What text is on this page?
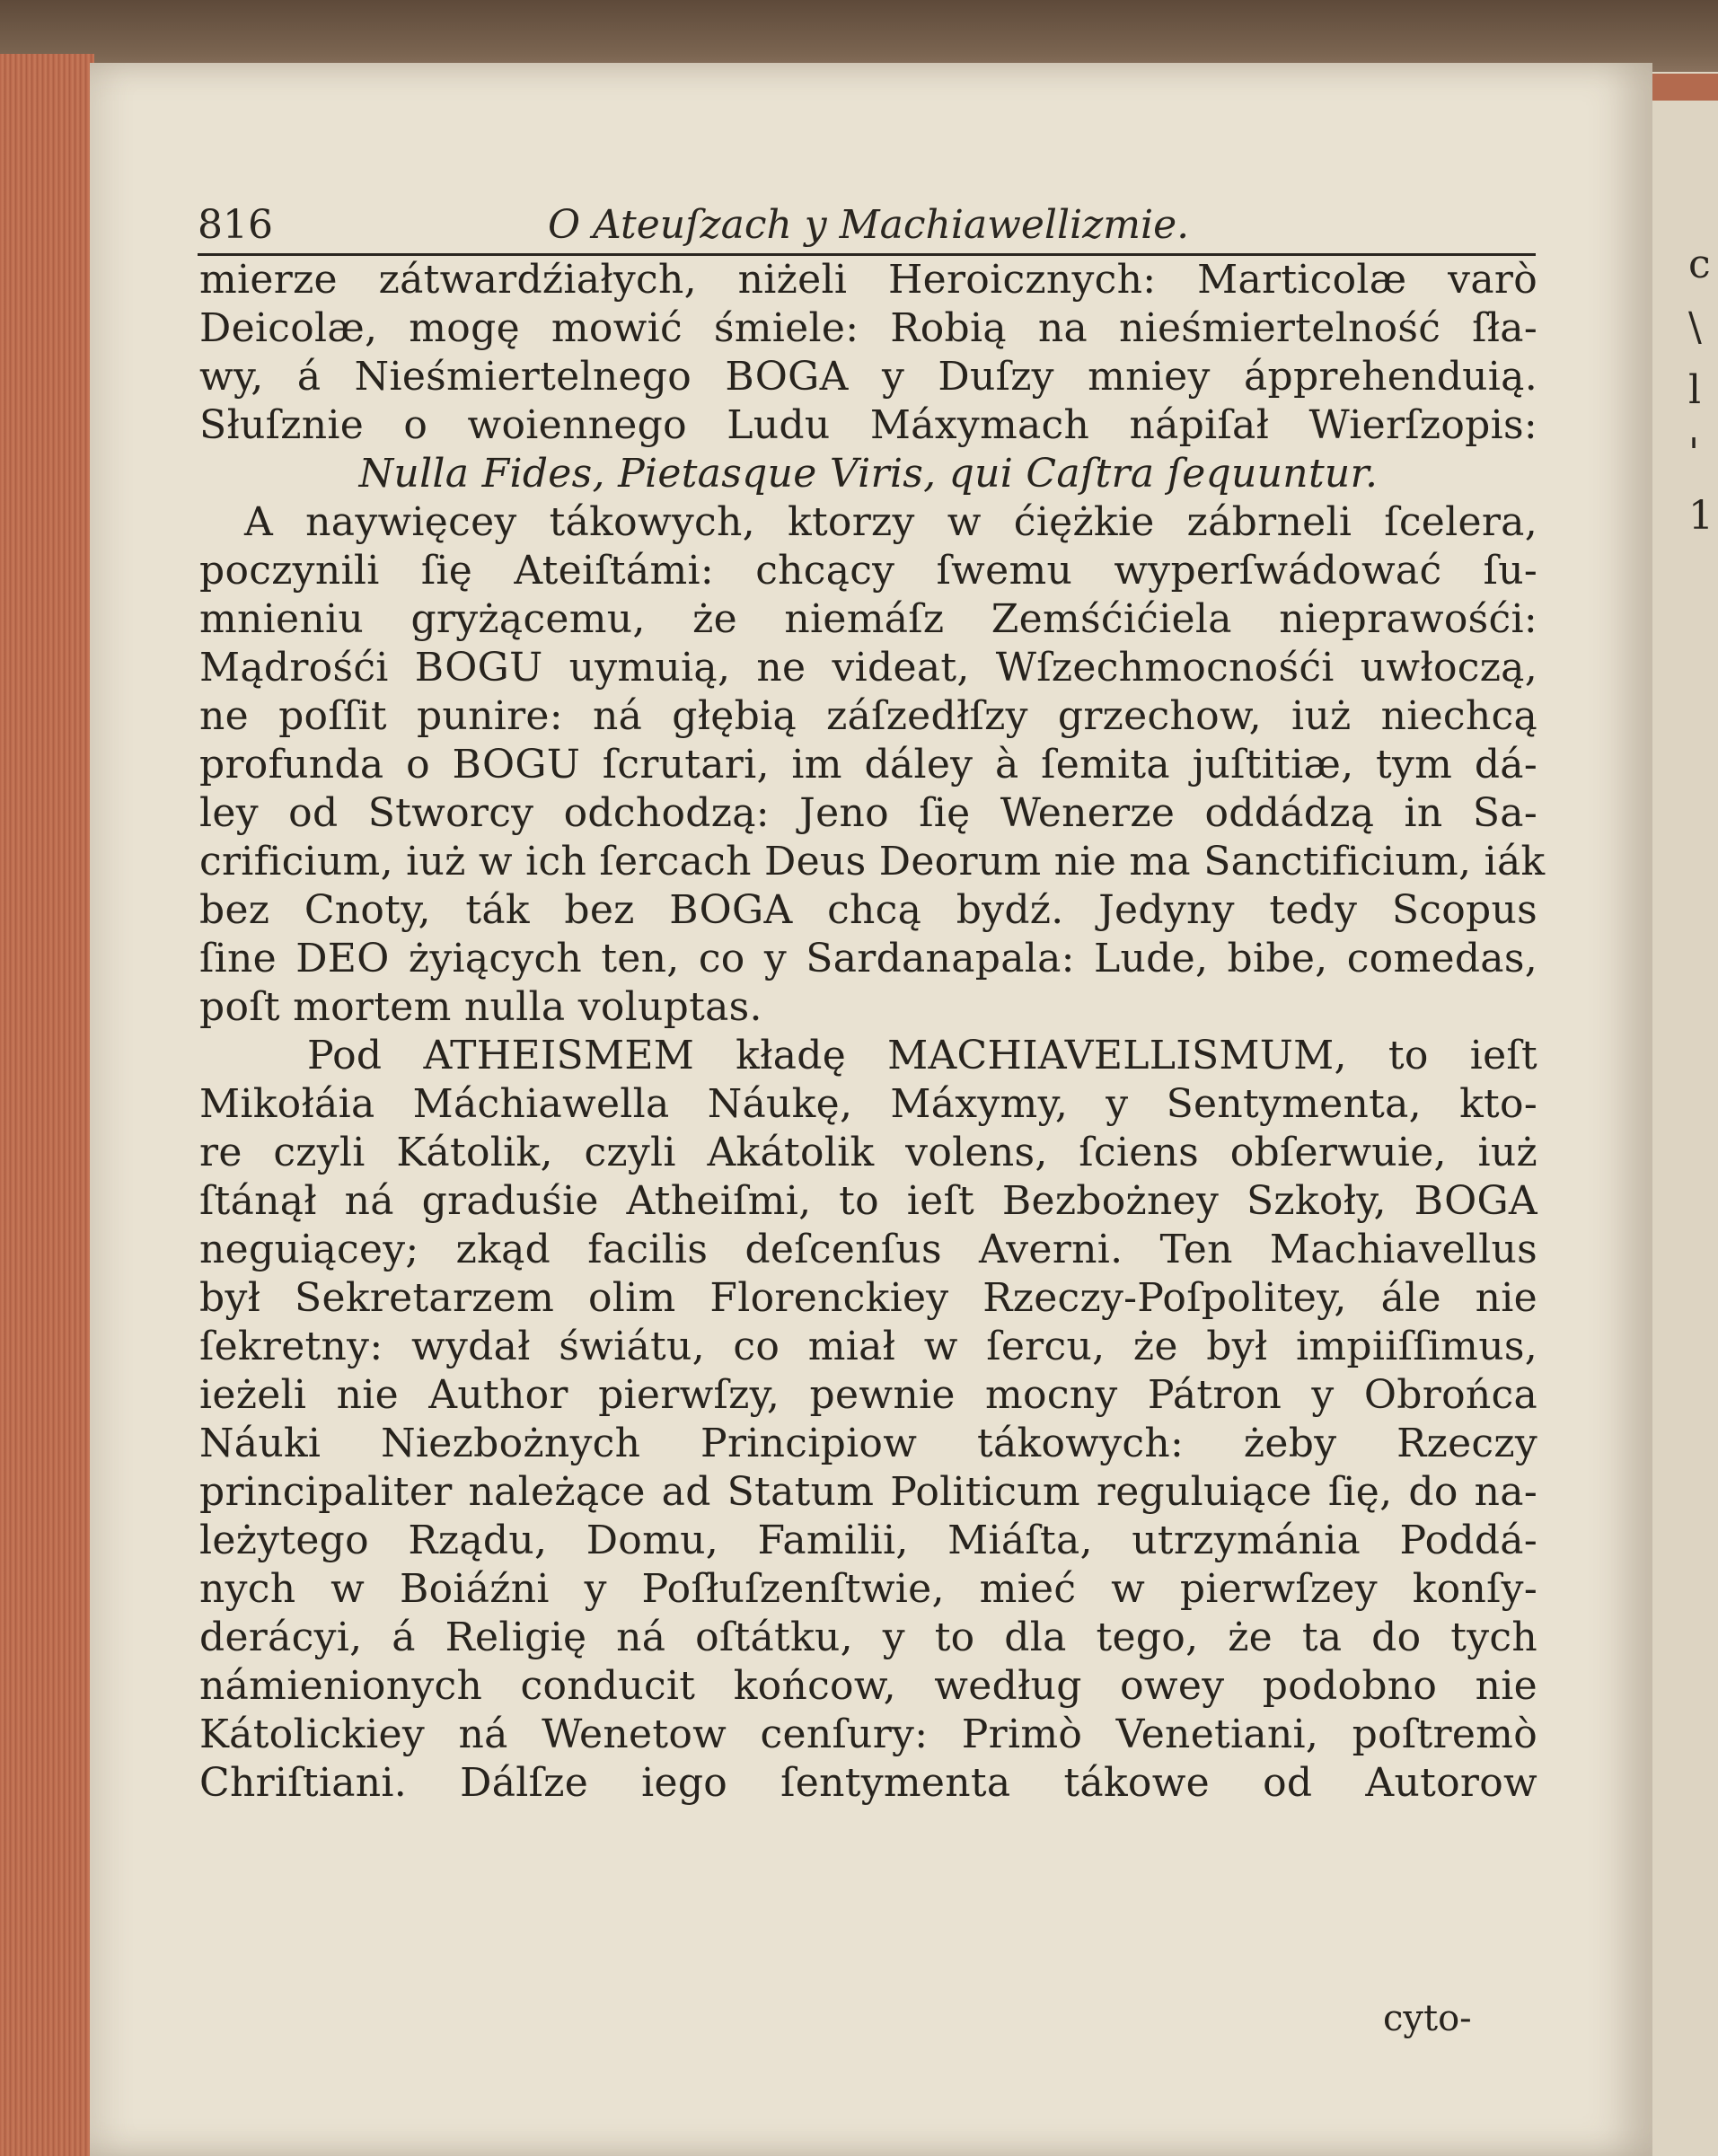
c
\
l
'
1
816	O Ateuſzach y Machiawellizmie.
mierze zátwardźiałych, niżeli Heroicznych: Marticolæ varò
Deicolæ, mogę mowić śmiele: Robią na nieśmiertelność ſła-
wy, á Nieśmiertelnego BOGA y Duſzy mniey ápprehenduią.
Słuſznie o woiennego Ludu Máxymach nápiſał Wierſzopis:
Nulla Fides, Pietasque Viris, qui Caſtra ſequuntur.
A naywięcey tákowych, ktorzy w ćiężkie zábrneli ſcelera,
poczynili ſię Ateiſtámi: chcący ſwemu wyperſwádować ſu-
mnieniu gryżącemu, że niemáſz Zemśćićiela nieprawośći:
Mądrośći BOGU uymuią, ne videat, Wſzechmocnośći uwłoczą,
ne poſſit punire: ná głębią záſzedłſzy grzechow, iuż niechcą
profunda o BOGU ſcrutari, im dáley à ſemita juſtitiæ, tym dá-
ley od Stworcy odchodzą: Jeno ſię Wenerze oddádzą in Sa-
crificium, iuż w ich ſercach Deus Deorum nie ma Sanctificium, iák
bez Cnoty, ták bez BOGA chcą bydź. Jedyny tedy Scopus
ſine DEO żyiących ten, co y Sardanapala: Lude, bibe, comedas,
poſt mortem nulla voluptas.
Pod ATHEISMEM kładę MACHIAVELLISMUM, to ieſt
Mikołáia Máchiawella Náukę, Máxymy, y Sentymenta, kto-
re czyli Kátolik, czyli Akátolik volens, ſciens obſerwuie, iuż
ſtánął ná graduśie Atheiſmi, to ieſt Bezbożney Szkoły, BOGA
neguiącey; zkąd facilis deſcenſus Averni. Ten Machiavellus
był Sekretarzem olim Florenckiey Rzeczy-Poſpolitey, ále nie
ſekretny: wydał świátu, co miał w ſercu, że był impiiſſimus,
ieżeli nie Author pierwſzy, pewnie mocny Pátron y Obrońca
Náuki Niezbożnych Principiow tákowych: żeby Rzeczy
principaliter należące ad Statum Politicum reguluiące ſię, do na-
leżytego Rządu, Domu, Familii, Miáſta, utrzymánia Poddá-
nych w Boiáźni y Poſłuſzenſtwie, mieć w pierwſzey konſy-
derácyi, á Religię ná oſtátku, y to dla tego, że ta do tych
námienionych conducit końcow, według owey podobno nie
Kátolickiey ná Wenetow cenſury: Primò Venetiani, poſtremò
Chriſtiani. Dálſze iego ſentymenta tákowe od Autorow
cyto-
